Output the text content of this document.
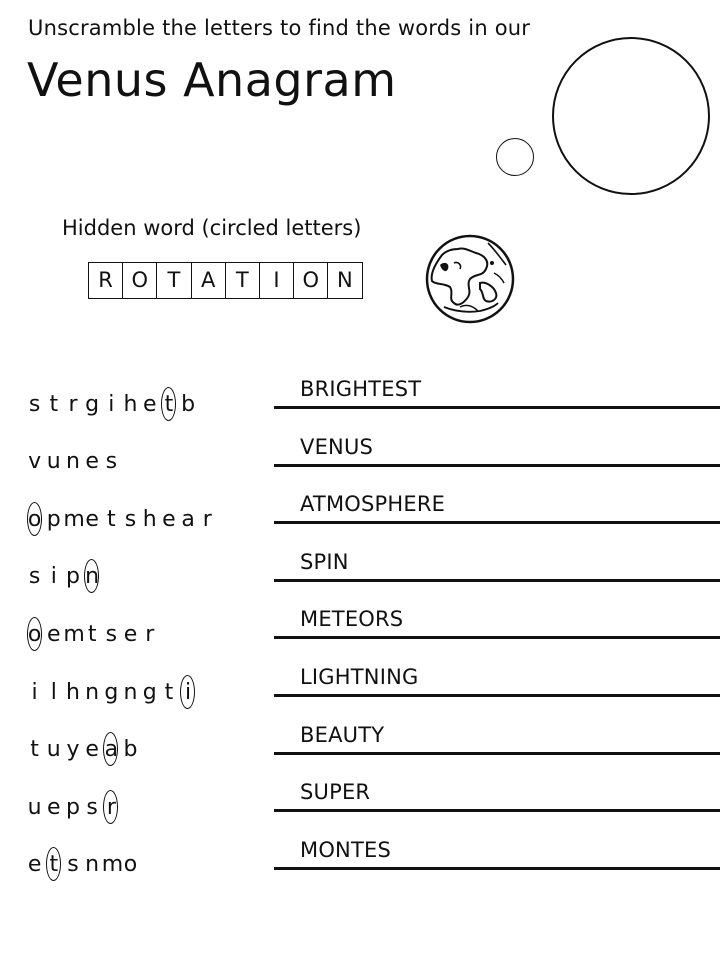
Unscramble the letters to find the words in our
Venus Anagram
Hidden word (circled letters)
R O T A T	I	O N
s t r g i h e t b
BRIGHTEST
v u n e s
VENUS
o p m e t s h e a r
ATMOSPHERE
s i p n
SPIN
o e m t s e r
METEORS
i l h n g n g t i
LIGHTNING
t u y e a b
BEAUTY
u e p s r
SUPER
e t s n m o
MONTES
